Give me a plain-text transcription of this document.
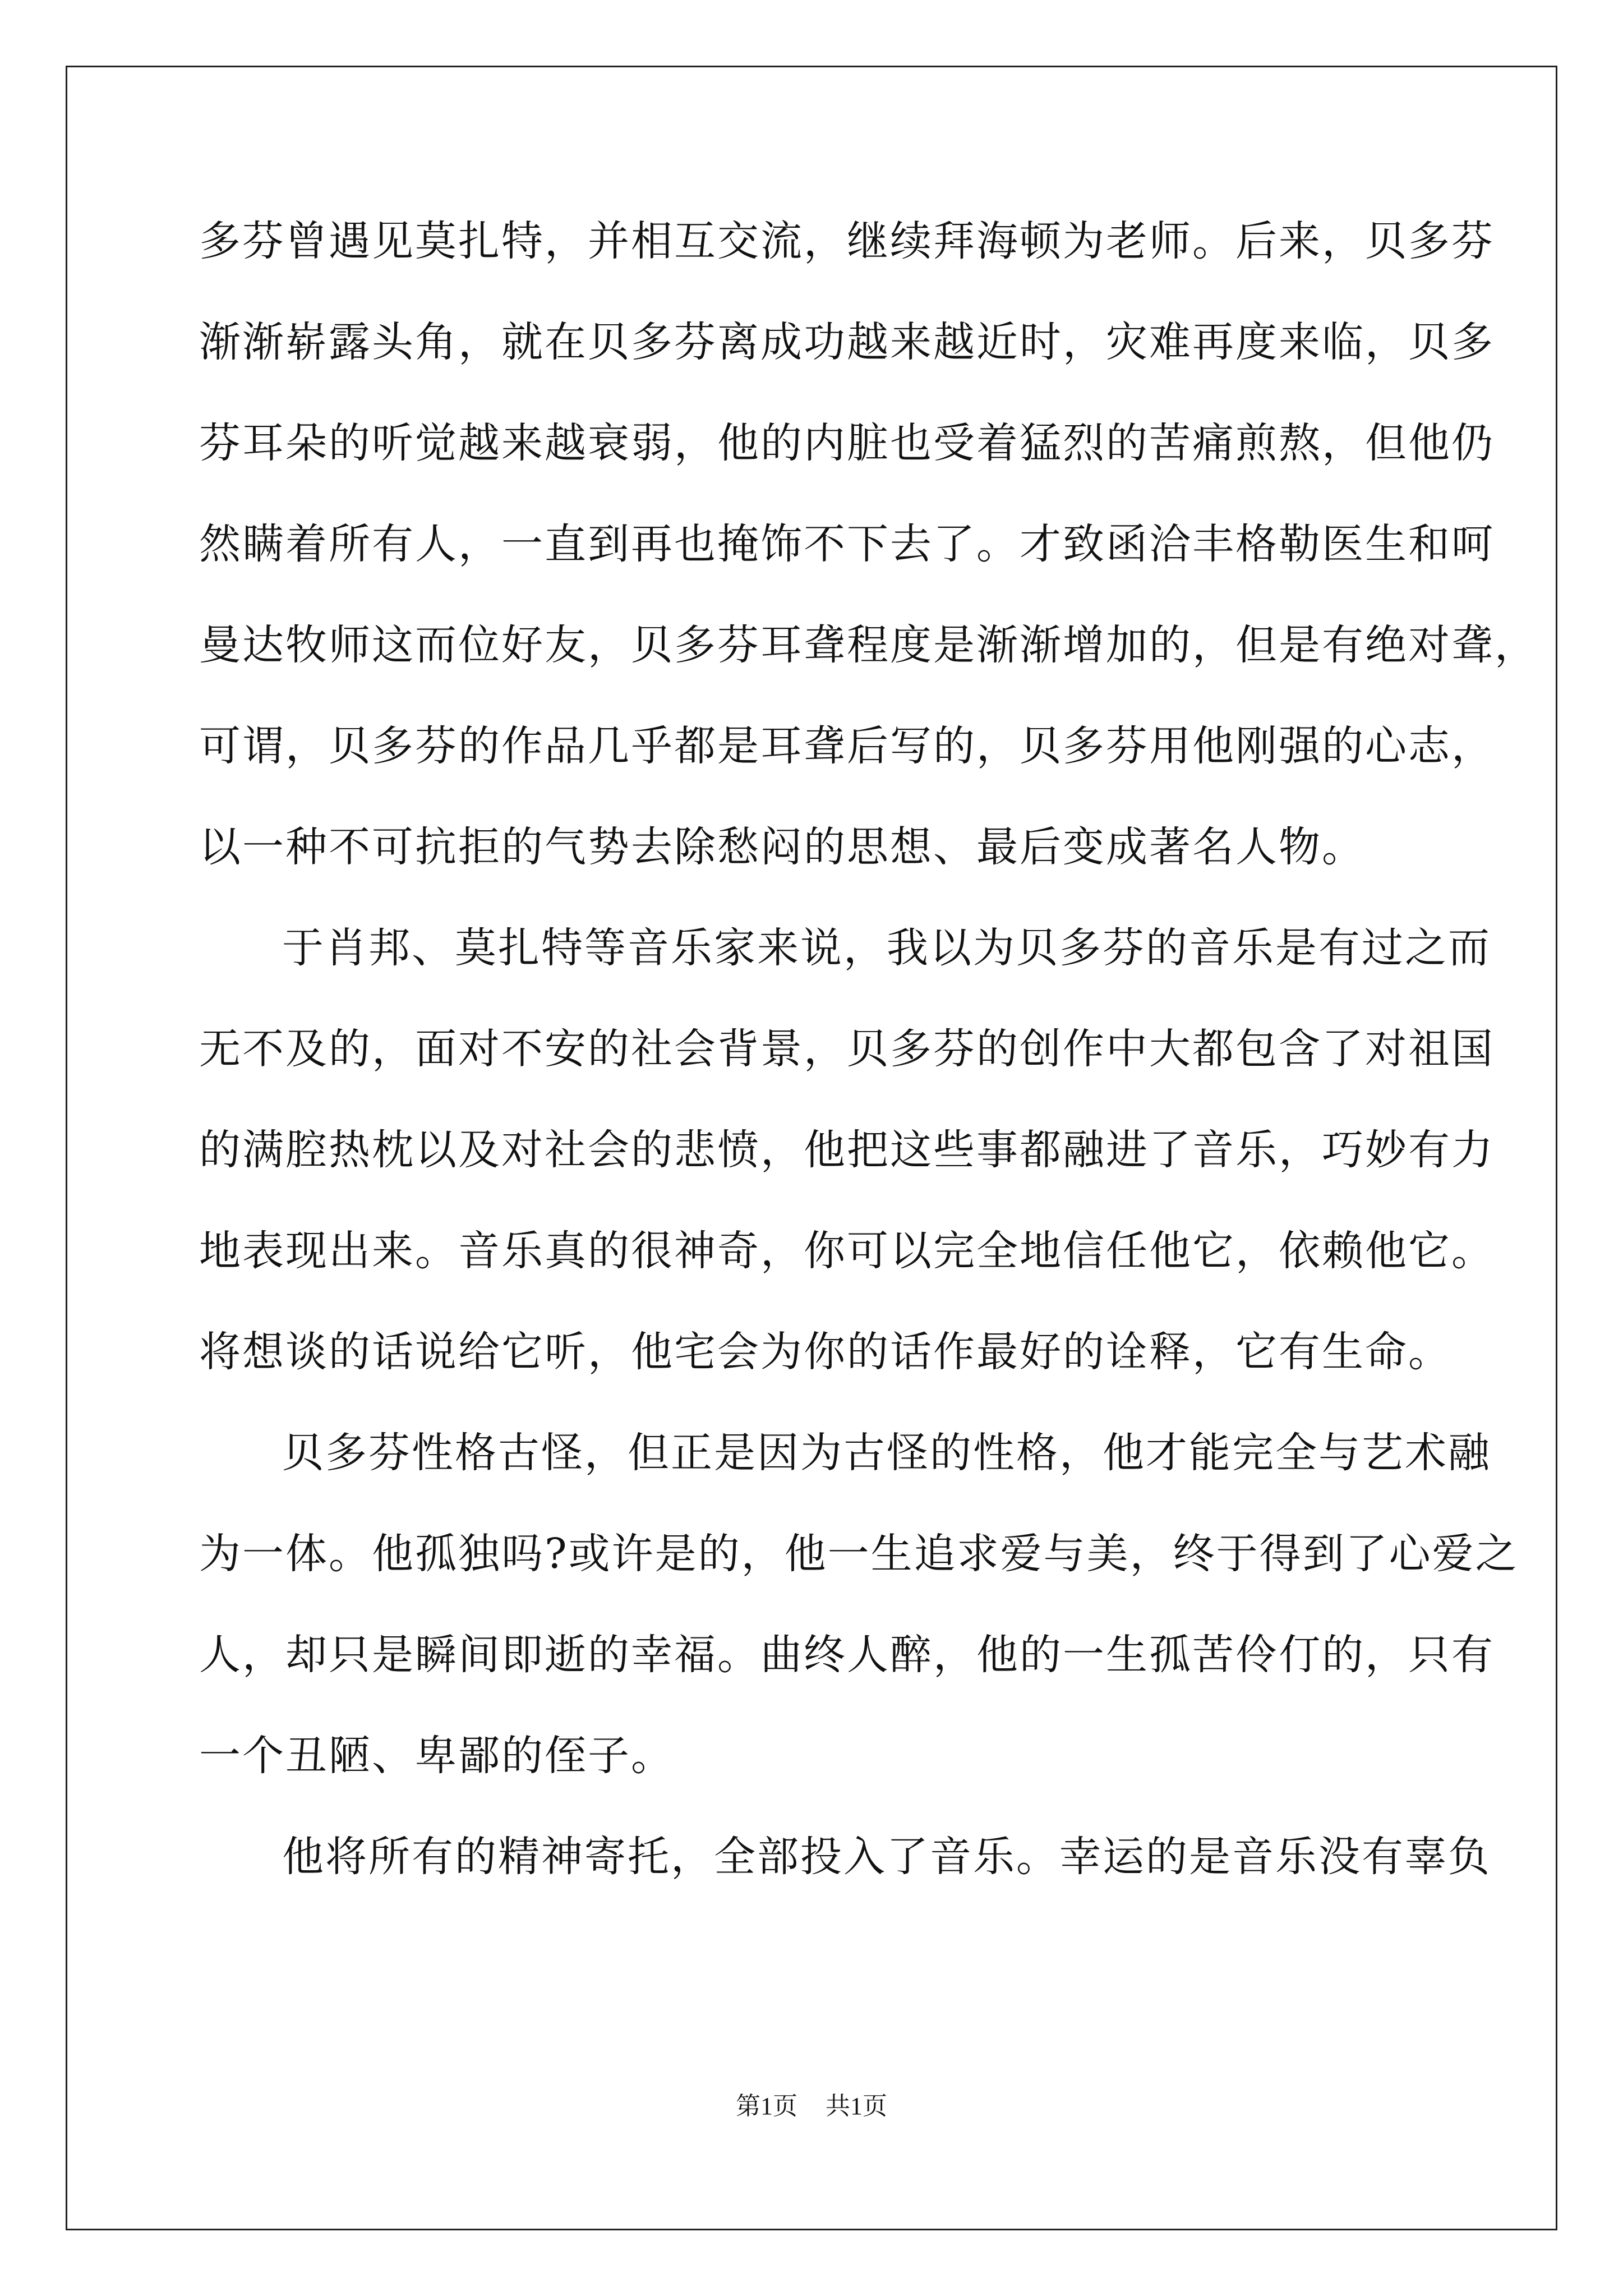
多芬曾遇见莫扎特，并相互交流，继续拜海顿为老师。后来，贝多芬
渐渐崭露头角，就在贝多芬离成功越来越近时，灾难再度来临，贝多
芬耳朵的听觉越来越衰弱，他的内脏也受着猛烈的苦痛煎熬，但他仍
然瞒着所有人，一直到再也掩饰不下去了。才致函洽丰格勒医生和呵
曼达牧师这而位好友，贝多芬耳聋程度是渐渐增加的，但是有绝对聋，
可谓，贝多芬的作品几乎都是耳聋后写的，贝多芬用他刚强的心志，
以一种不可抗拒的气势去除愁闷的思想、最后变成著名人物。
于肖邦、莫扎特等音乐家来说，我以为贝多芬的音乐是有过之而
无不及的，面对不安的社会背景，贝多芬的创作中大都包含了对祖国
的满腔热枕以及对社会的悲愤，他把这些事都融进了音乐，巧妙有力
地表现出来。音乐真的很神奇，你可以完全地信任他它，依赖他它。
将想谈的话说给它听，他宅会为你的话作最好的诠释，它有生命。
贝多芬性格古怪，但正是因为古怪的性格，他才能完全与艺术融
为一体。他孤独吗?或许是的，他一生追求爱与美，终于得到了心爱之
人，却只是瞬间即逝的幸福。曲终人醉，他的一生孤苦伶仃的，只有
一个丑陋、卑鄙的侄子。
他将所有的精神寄托，全部投入了音乐。幸运的是音乐没有辜负
第1页 共1页
